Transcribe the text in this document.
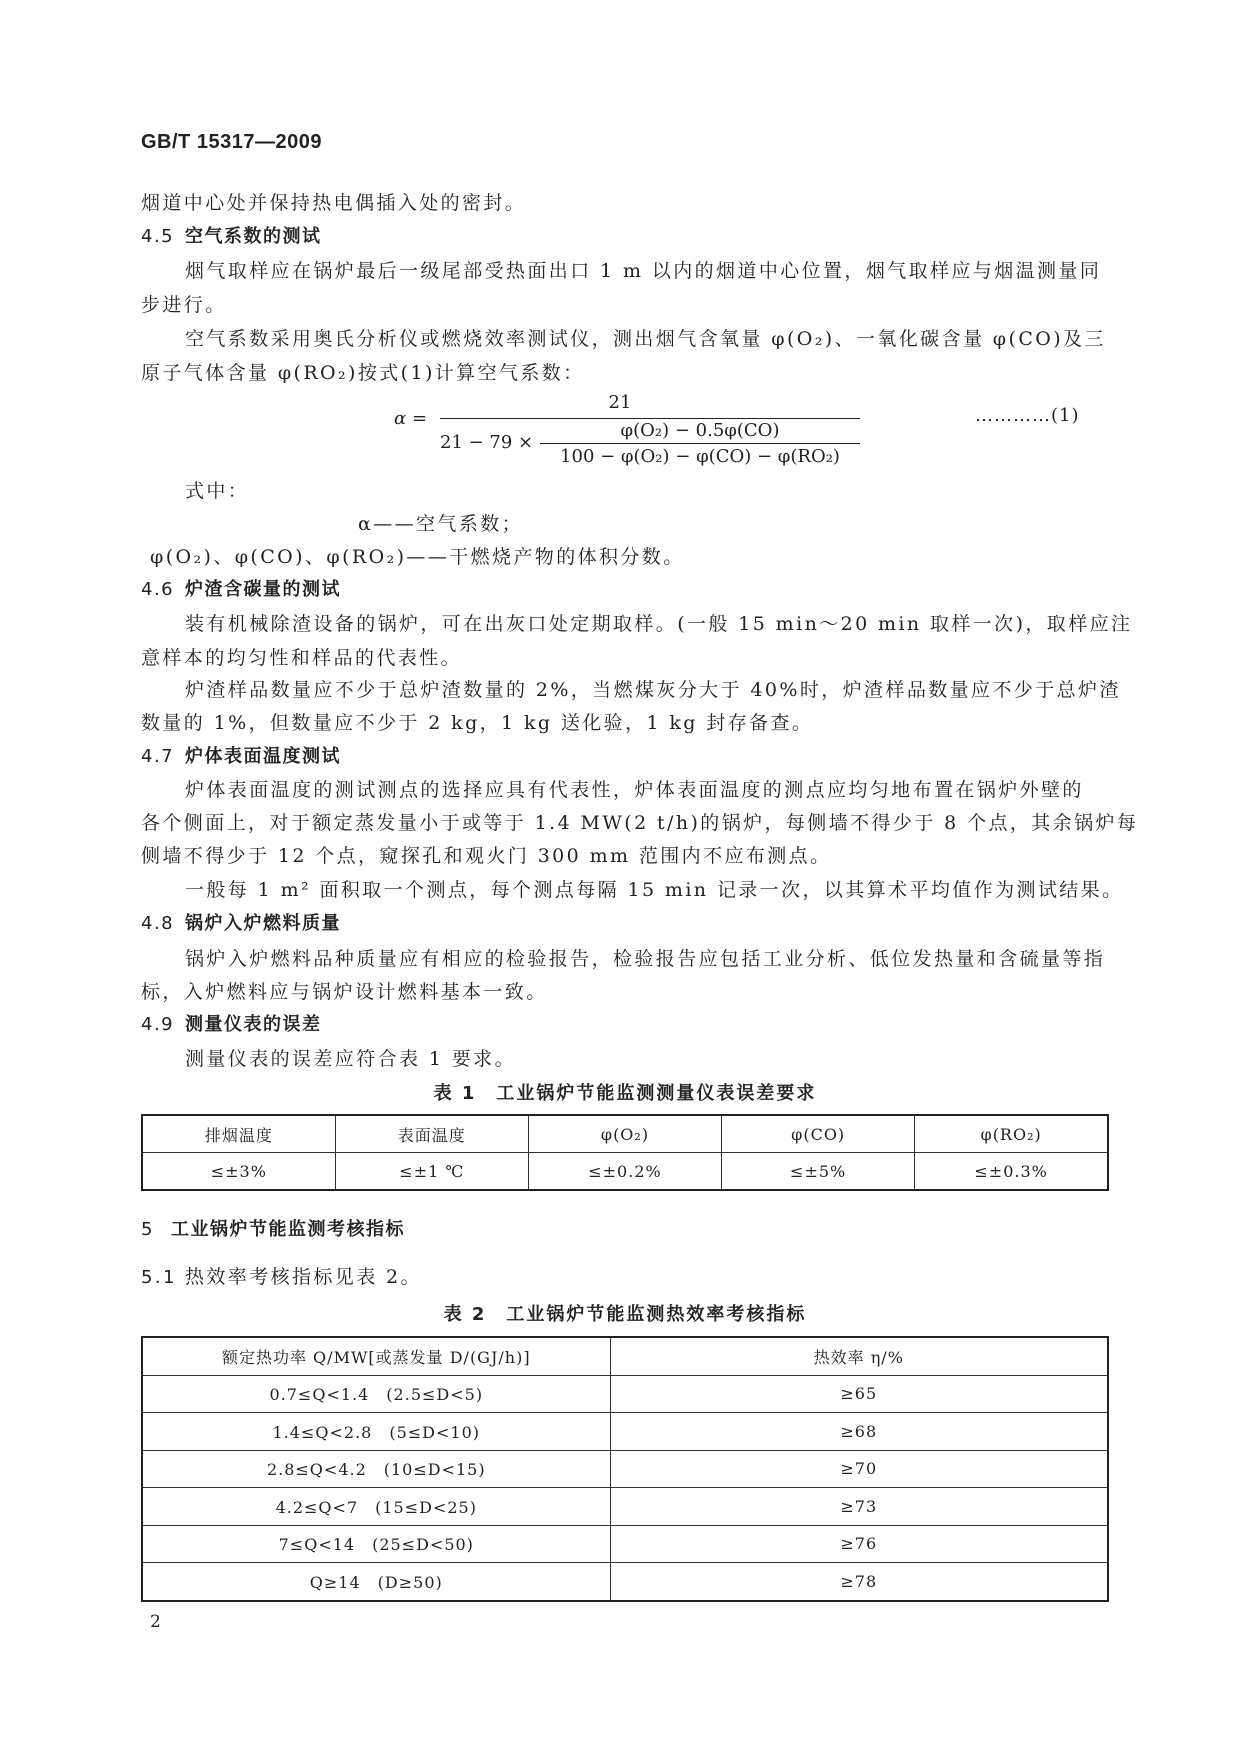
GB/T 15317—2009
烟道中心处并保持热电偶插入处的密封。
4.5 空气系数的测试
烟气取样应在锅炉最后一级尾部受热面出口 1 m 以内的烟道中心位置，烟气取样应与烟温测量同
步进行。
空气系数采用奥氏分析仪或燃烧效率测试仪，测出烟气含氧量 φ(O₂)、一氧化碳含量 φ(CO)及三
原子气体含量 φ(RO₂)按式(1)计算空气系数：
α =
21
21 − 79 ×
φ(O₂) − 0.5φ(CO)
100 − φ(O₂) − φ(CO) − φ(RO₂)
…………(1)
式中：
α——空气系数；
φ(O₂)、φ(CO)、φ(RO₂)——干燃烧产物的体积分数。
4.6 炉渣含碳量的测试
装有机械除渣设备的锅炉，可在出灰口处定期取样。(一般 15 min～20 min 取样一次)，取样应注
意样本的均匀性和样品的代表性。
炉渣样品数量应不少于总炉渣数量的 2%，当燃煤灰分大于 40%时，炉渣样品数量应不少于总炉渣
数量的 1%，但数量应不少于 2 kg，1 kg 送化验，1 kg 封存备查。
4.7 炉体表面温度测试
炉体表面温度的测试测点的选择应具有代表性，炉体表面温度的测点应均匀地布置在锅炉外壁的
各个侧面上，对于额定蒸发量小于或等于 1.4 MW(2 t/h)的锅炉，每侧墙不得少于 8 个点，其余锅炉每
侧墙不得少于 12 个点，窥探孔和观火门 300 mm 范围内不应布测点。
一般每 1 m² 面积取一个测点，每个测点每隔 15 min 记录一次，以其算术平均值作为测试结果。
4.8 锅炉入炉燃料质量
锅炉入炉燃料品种质量应有相应的检验报告，检验报告应包括工业分析、低位发热量和含硫量等指
标，入炉燃料应与锅炉设计燃料基本一致。
4.9 测量仪表的误差
测量仪表的误差应符合表 1 要求。
表 1　工业锅炉节能监测测量仪表误差要求
排烟温度	表面温度	φ(O₂)	φ(CO)	φ(RO₂)
≤±3%	≤±1 ℃	≤±0.2%	≤±5%	≤±0.3%
5 工业锅炉节能监测考核指标
5.1 热效率考核指标见表 2。
表 2　工业锅炉节能监测热效率考核指标
额定热功率 Q/MW[或蒸发量 D/(GJ/h)]	热效率 η/%
0.7≤Q<1.4　(2.5≤D<5)	≥65
1.4≤Q<2.8　(5≤D<10)	≥68
2.8≤Q<4.2　(10≤D<15)	≥70
4.2≤Q<7　(15≤D<25)	≥73
7≤Q<14　(25≤D<50)	≥76
Q≥14　(D≥50)	≥78
2
